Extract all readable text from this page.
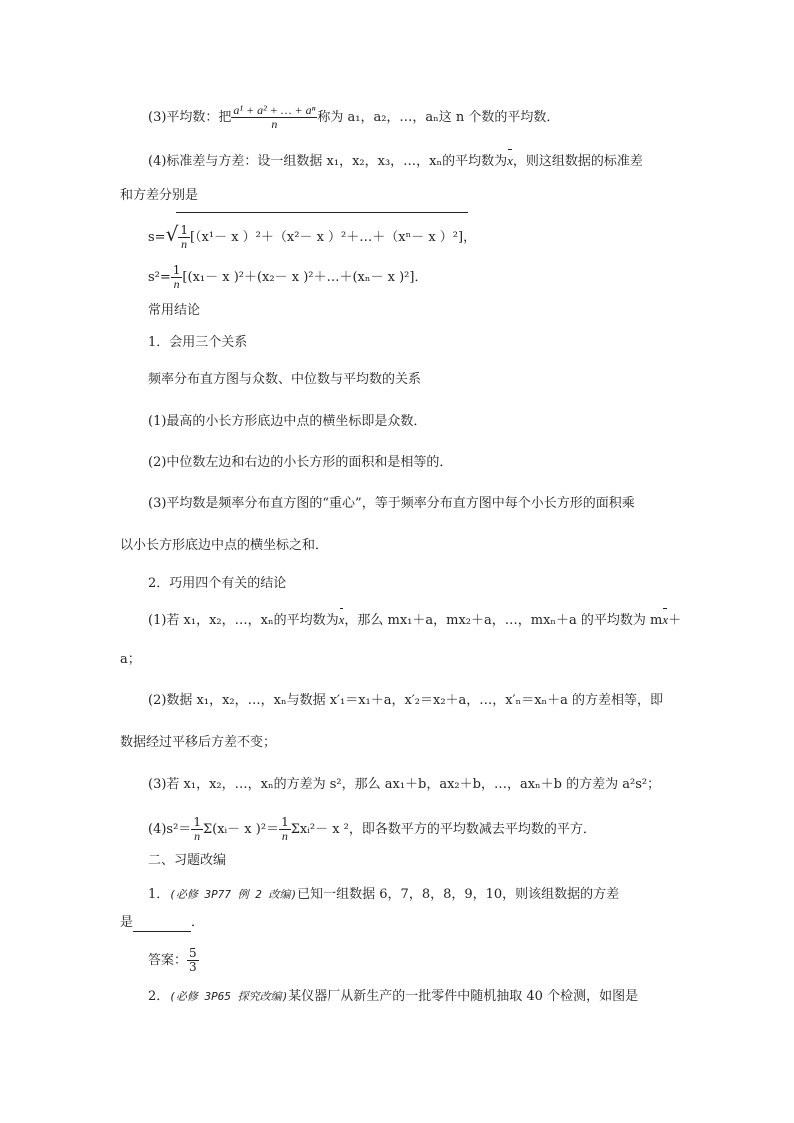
(3)平均数：把 $\frac{\text{a¹ + a² + … + aⁿ}}{n}$ 称为 a₁，a₂，…，aₙ这 n 个数的平均数．
(4)标准差与方差：设一组数据 x₁，x₂，x₃，…，xₙ的平均数为x，则这组数据的标准差
和方差分别是
$s=√ \frac{1}{n} [(x^1- x$ ）²＋（x²－ x ）²＋…＋（xⁿ－ x ）²]，
$s^2= \frac{1}{n} [(x_1- x$ )²＋(x₂－ x )²＋…＋(xₙ－ x )²]．
常用结论
1．会用三个关系
频率分布直方图与众数、中位数与平均数的关系
(1)最高的小长方形底边中点的横坐标即是众数．
(2)中位数左边和右边的小长方形的面积和是相等的．
(3)平均数是频率分布直方图的“重心”，等于频率分布直方图中每个小长方形的面积乘
以小长方形底边中点的横坐标之和．
2．巧用四个有关的结论
(1)若 x₁，x₂，…，xₙ的平均数为x，那么 mx₁＋a，mx₂＋a，…，mxₙ＋a 的平均数为 mx＋
a；
(2)数据 x₁，x₂，…，xₙ与数据 x′₁＝x₁＋a，x′₂＝x₂＋a，…，x′ₙ＝xₙ＋a 的方差相等，即
数据经过平移后方差不变；
(3)若 x₁，x₂，…，xₙ的方差为 s²，那么 ax₁＋b，ax₂＋b，…，axₙ＋b 的方差为 a²s²；
$(4)s^2= \frac{1}{n}$ Σ(xᵢ－ x )$^2= \frac{1}{n}$ Σxᵢ²－ x ²，即各数平方的平均数减去平均数的平方．
二、习题改编
1．(必修 3P77 例 2 改编)已知一组数据 6，7，8，8，9，10，则该组数据的方差
是	．
答案： $\frac{5}{3}$
2．(必修 3P65 探究改编)某仪器厂从新生产的一批零件中随机抽取 40 个检测，如图是
